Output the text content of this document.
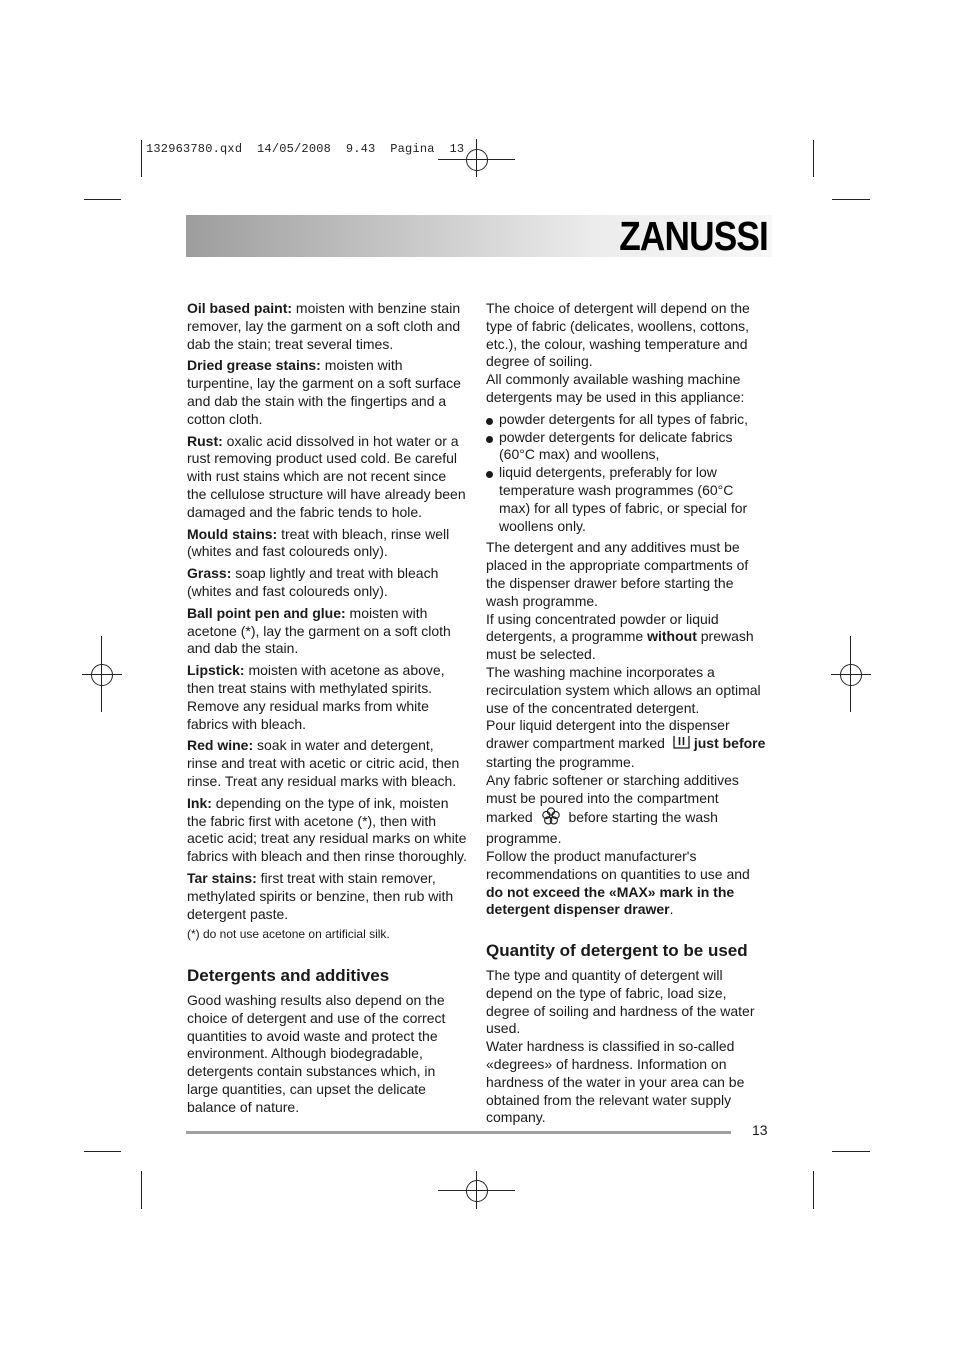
132963780.qxd  14/05/2008  9.43  Pagina  13
ZANUSSI
Oil based paint: moisten with benzine stain remover, lay the garment on a soft cloth and dab the stain; treat several times.
Dried grease stains: moisten with turpentine, lay the garment on a soft surface and dab the stain with the fingertips and a cotton cloth.
Rust: oxalic acid dissolved in hot water or a rust removing product used cold. Be careful with rust stains which are not recent since the cellulose structure will have already been damaged and the fabric tends to hole.
Mould stains: treat with bleach, rinse well (whites and fast coloureds only).
Grass: soap lightly and treat with bleach (whites and fast coloureds only).
Ball point pen and glue: moisten with acetone (*), lay the garment on a soft cloth and dab the stain.
Lipstick: moisten with acetone as above, then treat stains with methylated spirits. Remove any residual marks from white fabrics with bleach.
Red wine: soak in water and detergent, rinse and treat with acetic or citric acid, then rinse. Treat any residual marks with bleach.
Ink: depending on the type of ink, moisten the fabric first with acetone (*), then with acetic acid; treat any residual marks on white fabrics with bleach and then rinse thoroughly.
Tar stains: first treat with stain remover, methylated spirits or benzine, then rub with detergent paste.
(*) do not use acetone on artificial silk.
Detergents and additives
Good washing results also depend on the choice of detergent and use of the correct quantities to avoid waste and protect the environment. Although biodegradable, detergents contain substances which, in large quantities, can upset the delicate balance of nature.
The choice of detergent will depend on the type of fabric (delicates, woollens, cottons, etc.), the colour, washing temperature and degree of soiling.
All commonly available washing machine detergents may be used in this appliance:
powder detergents for all types of fabric,
powder detergents for delicate fabrics (60°C max) and woollens,
liquid detergents, preferably for low temperature wash programmes (60°C max) for all types of fabric, or special for woollens only.
The detergent and any additives must be placed in the appropriate compartments of the dispenser drawer before starting the wash programme.
If using concentrated powder or liquid detergents, a programme without prewash must be selected.
The washing machine incorporates a recirculation system which allows an optimal use of the concentrated detergent.
Pour liquid detergent into the dispenser drawer compartment marked just before starting the programme.
Any fabric softener or starching additives must be poured into the compartment marked	before starting the wash programme.
Follow the product manufacturer's recommendations on quantities to use and do not exceed the «MAX» mark in the detergent dispenser drawer.
Quantity of detergent to be used
The type and quantity of detergent will depend on the type of fabric, load size, degree of soiling and hardness of the water used.
Water hardness is classified in so-called «degrees» of hardness. Information on hardness of the water in your area can be obtained from the relevant water supply company.
13
